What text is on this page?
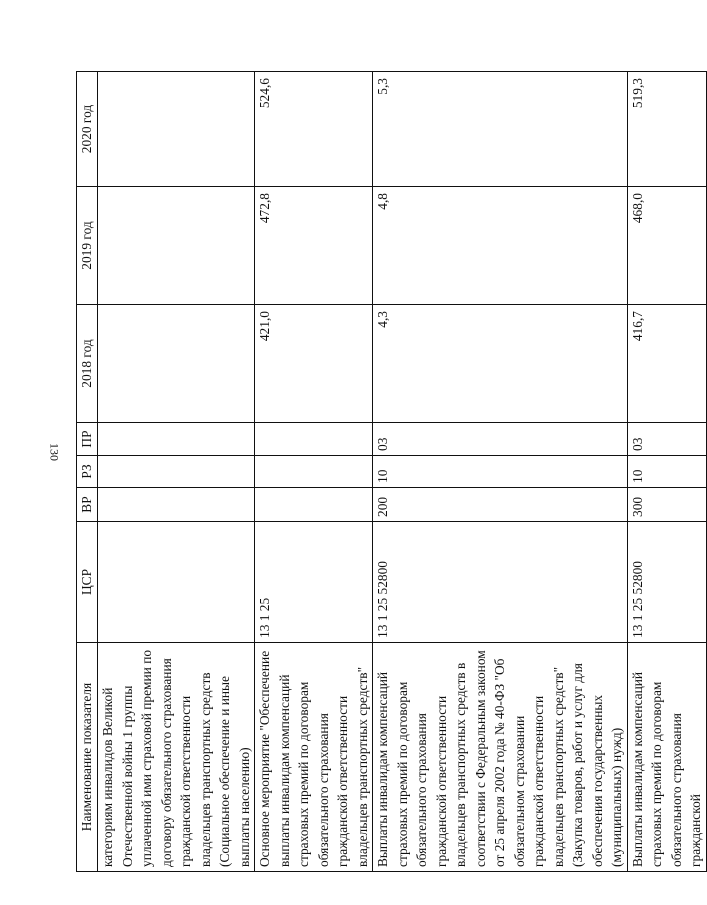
130
Наименование показателя	ЦСР	ВР	РЗ	ПР	2018 год	2019 год	2020 год
категориям инвалидов Великой Отечественной войны 1 группы уплаченной ими страховой премии по договору обязательного страхования гражданской ответственности владельцев транспортных средств (Социальное обеспечение и иные выплаты населению)							
Основное мероприятие "Обеспечение выплаты инвалидам компенсаций страховых премий по договорам обязательного страхования гражданской ответственности владельцев транспортных средств"	13 1 25				421,0	472,8	524,6
Выплаты инвалидам компенсаций страховых премий по договорам обязательного страхования гражданской ответственности владельцев транспортных средств в соответствии с Федеральным законом от 25 апреля 2002 года № 40-ФЗ "Об обязательном страховании гражданской ответственности владельцев транспортных средств" (Закупка товаров, работ и услуг для обеспечения государственных (муниципальных) нужд)	13 1 25 52800	200	10	03	4,3	4,8	5,3
Выплаты инвалидам компенсаций страховых премий по договорам обязательного страхования гражданской	13 1 25 52800	300	10	03	416,7	468,0	519,3
